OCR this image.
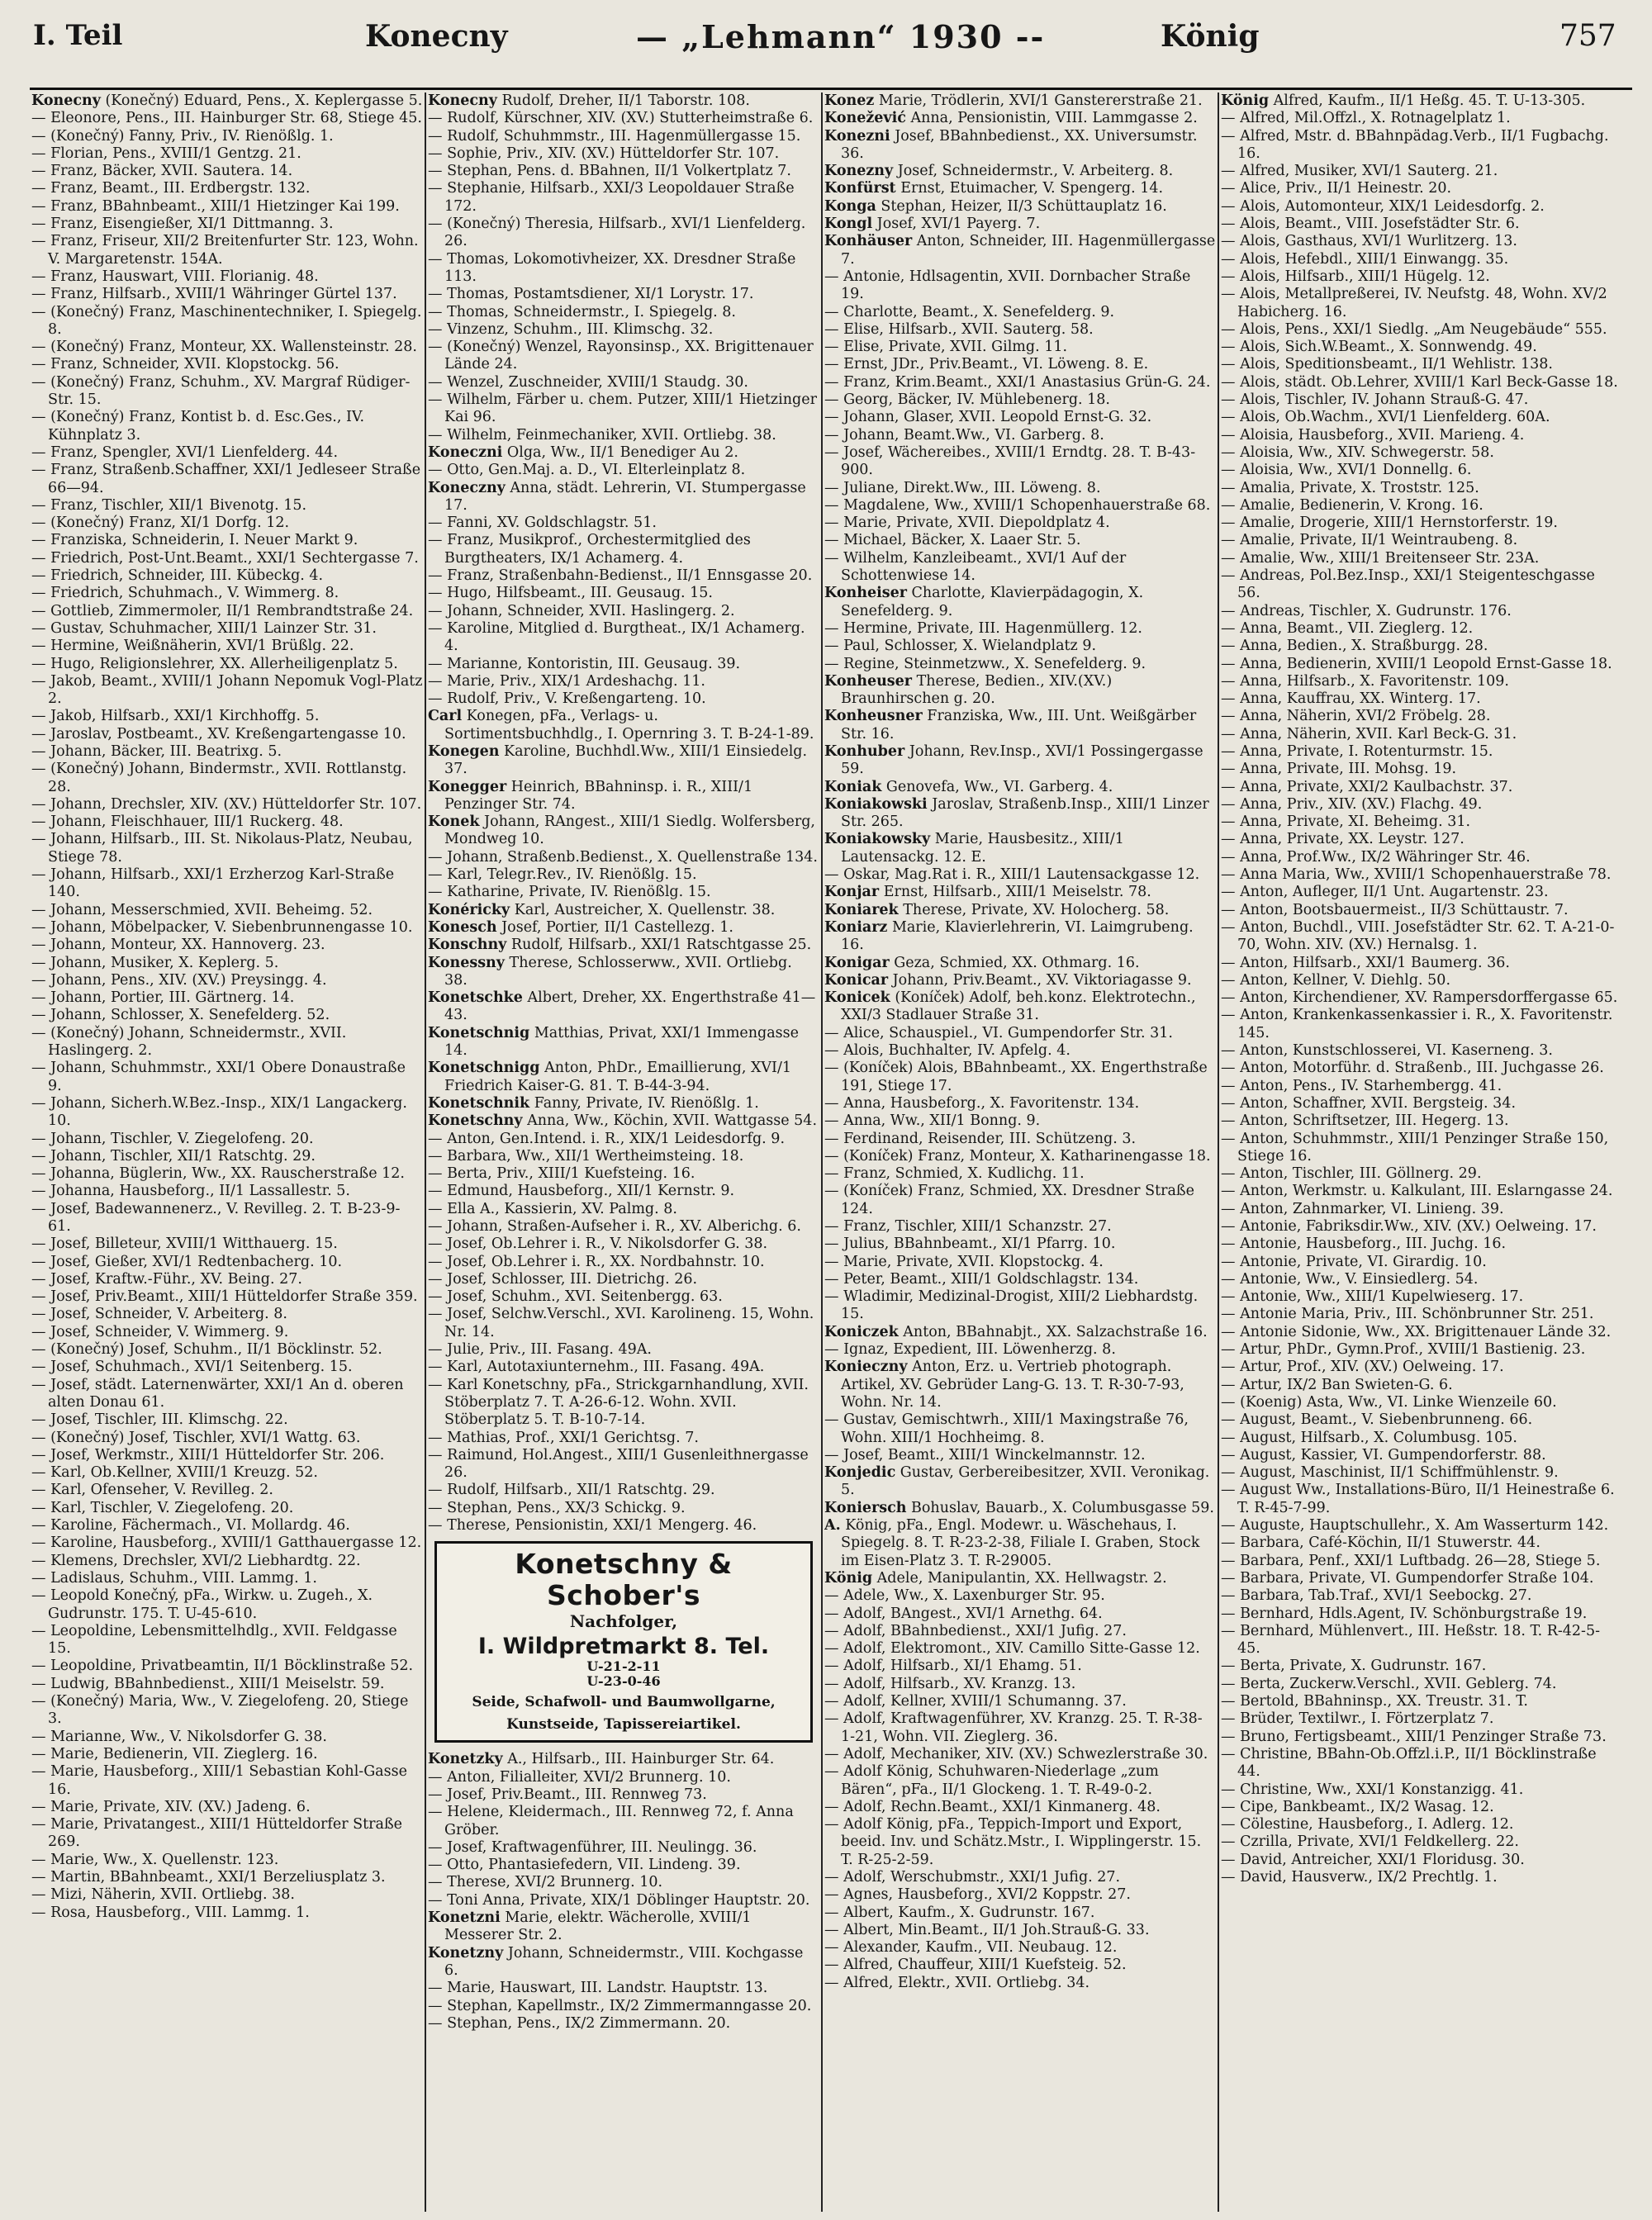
I. Teil	Konecny	— „Lehmann“ 1930 --	König	757
Konecny (Konečný) Eduard, Pens., X. Keplergasse 5.
— Eleonore, Pens., III. Hainburger Str. 68, Stiege 45.
— (Konečný) Fanny, Priv., IV. Rienößlg. 1.
— Florian, Pens., XVIII/1 Gentzg. 21.
— Franz, Bäcker, XVII. Sautera. 14.
— Franz, Beamt., III. Erdbergstr. 132.
— Franz, BBahnbeamt., XIII/1 Hietzinger Kai 199.
— Franz, Eisengießer, XI/1 Dittmanng. 3.
— Franz, Friseur, XII/2 Breitenfurter Str. 123, Wohn. V. Margaretenstr. 154A.
— Franz, Hauswart, VIII. Florianig. 48.
— Franz, Hilfsarb., XVIII/1 Währinger Gürtel 137.
— (Konečný) Franz, Maschinentechniker, I. Spiegelg. 8.
— (Konečný) Franz, Monteur, XX. Wallensteinstr. 28.
— Franz, Schneider, XVII. Klopstockg. 56.
— (Konečný) Franz, Schuhm., XV. Margraf Rüdiger-Str. 15.
— (Konečný) Franz, Kontist b. d. Esc.Ges., IV. Kühnplatz 3.
— Franz, Spengler, XVI/1 Lienfelderg. 44.
— Franz, Straßenb.Schaffner, XXI/1 Jedleseer Straße 66—94.
— Franz, Tischler, XII/1 Bivenotg. 15.
— (Konečný) Franz, XI/1 Dorfg. 12.
— Franziska, Schneiderin, I. Neuer Markt 9.
— Friedrich, Post-Unt.Beamt., XXI/1 Sechtergasse 7.
— Friedrich, Schneider, III. Kübeckg. 4.
— Friedrich, Schuhmach., V. Wimmerg. 8.
— Gottlieb, Zimmermoler, II/1 Rembrandtstraße 24.
— Gustav, Schuhmacher, XIII/1 Lainzer Str. 31.
— Hermine, Weißnäherin, XVI/1 Brüßlg. 22.
— Hugo, Religionslehrer, XX. Allerheiligenplatz 5.
— Jakob, Beamt., XVIII/1 Johann Nepomuk Vogl-Platz 2.
— Jakob, Hilfsarb., XXI/1 Kirchhoffg. 5.
— Jaroslav, Postbeamt., XV. Kreßengartengasse 10.
— Johann, Bäcker, III. Beatrixg. 5.
— (Konečný) Johann, Bindermstr., XVII. Rottlanstg. 28.
— Johann, Drechsler, XIV. (XV.) Hütteldorfer Str. 107.
— Johann, Fleischhauer, III/1 Ruckerg. 48.
— Johann, Hilfsarb., III. St. Nikolaus-Platz, Neubau, Stiege 78.
— Johann, Hilfsarb., XXI/1 Erzherzog Karl-Straße 140.
— Johann, Messerschmied, XVII. Beheimg. 52.
— Johann, Möbelpacker, V. Siebenbrunnengasse 10.
— Johann, Monteur, XX. Hannoverg. 23.
— Johann, Musiker, X. Keplerg. 5.
— Johann, Pens., XIV. (XV.) Preysingg. 4.
— Johann, Portier, III. Gärtnerg. 14.
— Johann, Schlosser, X. Senefelderg. 52.
— (Konečný) Johann, Schneidermstr., XVII. Haslingerg. 2.
— Johann, Schuhmmstr., XXI/1 Obere Donaustraße 9.
— Johann, Sicherh.W.Bez.-Insp., XIX/1 Langackerg. 10.
— Johann, Tischler, V. Ziegelofeng. 20.
— Johann, Tischler, XII/1 Ratschtg. 29.
— Johanna, Büglerin, Ww., XX. Rauscherstraße 12.
— Johanna, Hausbeforg., II/1 Lassallestr. 5.
— Josef, Badewannenerz., V. Revilleg. 2. T. B-23-9-61.
— Josef, Billeteur, XVIII/1 Witthauerg. 15.
— Josef, Gießer, XVI/1 Redtenbacherg. 10.
— Josef, Kraftw.-Führ., XV. Being. 27.
— Josef, Priv.Beamt., XIII/1 Hütteldorfer Straße 359.
— Josef, Schneider, V. Arbeiterg. 8.
— Josef, Schneider, V. Wimmerg. 9.
— (Konečný) Josef, Schuhm., II/1 Böcklinstr. 52.
— Josef, Schuhmach., XVI/1 Seitenberg. 15.
— Josef, städt. Laternenwärter, XXI/1 An d. oberen alten Donau 61.
— Josef, Tischler, III. Klimschg. 22.
— (Konečný) Josef, Tischler, XVI/1 Wattg. 63.
— Josef, Werkmstr., XIII/1 Hütteldorfer Str. 206.
— Karl, Ob.Kellner, XVIII/1 Kreuzg. 52.
— Karl, Ofenseher, V. Revilleg. 2.
— Karl, Tischler, V. Ziegelofeng. 20.
— Karoline, Fächermach., VI. Mollardg. 46.
— Karoline, Hausbeforg., XVIII/1 Gatthauergasse 12.
— Klemens, Drechsler, XVI/2 Liebhardtg. 22.
— Ladislaus, Schuhm., VIII. Lammg. 1.
— Leopold Konečný, pFa., Wirkw. u. Zugeh., X. Gudrunstr. 175. T. U-45-610.
— Leopoldine, Lebensmittelhdlg., XVII. Feldgasse 15.
— Leopoldine, Privatbeamtin, II/1 Böcklinstraße 52.
— Ludwig, BBahnbedienst., XIII/1 Meiselstr. 59.
— (Konečný) Maria, Ww., V. Ziegelofeng. 20, Stiege 3.
— Marianne, Ww., V. Nikolsdorfer G. 38.
— Marie, Bedienerin, VII. Zieglerg. 16.
— Marie, Hausbeforg., XIII/1 Sebastian Kohl-Gasse 16.
— Marie, Private, XIV. (XV.) Jadeng. 6.
— Marie, Privatangest., XIII/1 Hütteldorfer Straße 269.
— Marie, Ww., X. Quellenstr. 123.
— Martin, BBahnbeamt., XXI/1 Berzeliusplatz 3.
— Mizi, Näherin, XVII. Ortliebg. 38.
— Rosa, Hausbeforg., VIII. Lammg. 1.
Konecny Rudolf, Dreher, II/1 Taborstr. 108.
— Rudolf, Kürschner, XIV. (XV.) Stutterheimstraße 6.
— Rudolf, Schuhmmstr., III. Hagenmüllergasse 15.
— Sophie, Priv., XIV. (XV.) Hütteldorfer Str. 107.
— Stephan, Pens. d. BBahnen, II/1 Volkertplatz 7.
— Stephanie, Hilfsarb., XXI/3 Leopoldauer Straße 172.
— (Konečný) Theresia, Hilfsarb., XVI/1 Lienfelderg. 26.
— Thomas, Lokomotivheizer, XX. Dresdner Straße 113.
— Thomas, Postamtsdiener, XI/1 Lorystr. 17.
— Thomas, Schneidermstr., I. Spiegelg. 8.
— Vinzenz, Schuhm., III. Klimschg. 32.
— (Konečný) Wenzel, Rayonsinsp., XX. Brigittenauer Lände 24.
— Wenzel, Zuschneider, XVIII/1 Staudg. 30.
— Wilhelm, Färber u. chem. Putzer, XIII/1 Hietzinger Kai 96.
— Wilhelm, Feinmechaniker, XVII. Ortliebg. 38.
Koneczni Olga, Ww., II/1 Benediger Au 2.
— Otto, Gen.Maj. a. D., VI. Elterleinplatz 8.
Koneczny Anna, städt. Lehrerin, VI. Stumpergasse 17.
— Fanni, XV. Goldschlagstr. 51.
— Franz, Musikprof., Orchestermitglied des Burgtheaters, IX/1 Achamerg. 4.
— Franz, Straßenbahn-Bedienst., II/1 Ennsgasse 20.
— Hugo, Hilfsbeamt., III. Geusaug. 15.
— Johann, Schneider, XVII. Haslingerg. 2.
— Karoline, Mitglied d. Burgtheat., IX/1 Achamerg. 4.
— Marianne, Kontoristin, III. Geusaug. 39.
— Marie, Priv., XIX/1 Ardeshachg. 11.
— Rudolf, Priv., V. Kreßengarteng. 10.
Carl Konegen, pFa., Verlags- u. Sortimentsbuchhdlg., I. Opernring 3. T. B-24-1-89.
Konegen Karoline, Buchhdl.Ww., XIII/1 Einsiedelg. 37.
Konegger Heinrich, BBahninsp. i. R., XIII/1 Penzinger Str. 74.
Konek Johann, RAngest., XIII/1 Siedlg. Wolfersberg, Mondweg 10.
— Johann, Straßenb.Bedienst., X. Quellenstraße 134.
— Karl, Telegr.Rev., IV. Rienößlg. 15.
— Katharine, Private, IV. Rienößlg. 15.
Konéricky Karl, Austreicher, X. Quellenstr. 38.
Konesch Josef, Portier, II/1 Castellezg. 1.
Konschny Rudolf, Hilfsarb., XXI/1 Ratschtgasse 25.
Konessny Therese, Schlosserww., XVII. Ortliebg. 38.
Konetschke Albert, Dreher, XX. Engerthstraße 41—43.
Konetschnig Matthias, Privat, XXI/1 Immengasse 14.
Konetschnigg Anton, PhDr., Emaillierung, XVI/1 Friedrich Kaiser-G. 81. T. B-44-3-94.
Konetschnik Fanny, Private, IV. Rienößlg. 1.
Konetschny Anna, Ww., Köchin, XVII. Wattgasse 54.
— Anton, Gen.Intend. i. R., XIX/1 Leidesdorfg. 9.
— Barbara, Ww., XII/1 Wertheimsteing. 18.
— Berta, Priv., XIII/1 Kuefsteing. 16.
— Edmund, Hausbeforg., XII/1 Kernstr. 9.
— Ella A., Kassierin, XV. Palmg. 8.
— Johann, Straßen-Aufseher i. R., XV. Alberichg. 6.
— Josef, Ob.Lehrer i. R., V. Nikolsdorfer G. 38.
— Josef, Ob.Lehrer i. R., XX. Nordbahnstr. 10.
— Josef, Schlosser, III. Dietrichg. 26.
— Josef, Schuhm., XVI. Seitenbergg. 63.
— Josef, Selchw.Verschl., XVI. Karolineng. 15, Wohn. Nr. 14.
— Julie, Priv., III. Fasang. 49A.
— Karl, Autotaxiunternehm., III. Fasang. 49A.
— Karl Konetschny, pFa., Strickgarnhandlung, XVII. Stöberplatz 7. T. A-26-6-12. Wohn. XVII. Stöberplatz 5. T. B-10-7-14.
— Mathias, Prof., XXI/1 Gerichtsg. 7.
— Raimund, Hol.Angest., XIII/1 Gusenleithnergasse 26.
— Rudolf, Hilfsarb., XII/1 Ratschtg. 29.
— Stephan, Pens., XX/3 Schickg. 9.
— Therese, Pensionistin, XXI/1 Mengerg. 46.
Konetschny & Schober's
Nachfolger,
I. Wildpretmarkt 8. Tel.
U-21-2-11
U-23-0-46
Seide, Schafwoll- und Baumwollgarne,
Kunstseide, Tapissereiartikel.
Konetzky A., Hilfsarb., III. Hainburger Str. 64.
— Anton, Filialleiter, XVI/2 Brunnerg. 10.
— Josef, Priv.Beamt., III. Rennweg 73.
— Helene, Kleidermach., III. Rennweg 72, f. Anna Gröber.
— Josef, Kraftwagenführer, III. Neulingg. 36.
— Otto, Phantasiefedern, VII. Lindeng. 39.
— Therese, XVI/2 Brunnerg. 10.
— Toni Anna, Private, XIX/1 Döblinger Hauptstr. 20.
Konetzni Marie, elektr. Wächerolle, XVIII/1 Messerer Str. 2.
Konetzny Johann, Schneidermstr., VIII. Kochgasse 6.
— Marie, Hauswart, III. Landstr. Hauptstr. 13.
— Stephan, Kapellmstr., IX/2 Zimmermanngasse 20.
— Stephan, Pens., IX/2 Zimmermann. 20.
Konez Marie, Trödlerin, XVI/1 Ganstererstraße 21.
Konežević Anna, Pensionistin, VIII. Lammgasse 2.
Konezni Josef, BBahnbedienst., XX. Universumstr. 36.
Konezny Josef, Schneidermstr., V. Arbeiterg. 8.
Konfürst Ernst, Etuimacher, V. Spengerg. 14.
Konga Stephan, Heizer, II/3 Schüttauplatz 16.
Kongl Josef, XVI/1 Payerg. 7.
Konhäuser Anton, Schneider, III. Hagenmüllergasse 7.
— Antonie, Hdlsagentin, XVII. Dornbacher Straße 19.
— Charlotte, Beamt., X. Senefelderg. 9.
— Elise, Hilfsarb., XVII. Sauterg. 58.
— Elise, Private, XVII. Gilmg. 11.
— Ernst, JDr., Priv.Beamt., VI. Löweng. 8. E.
— Franz, Krim.Beamt., XXI/1 Anastasius Grün-G. 24.
— Georg, Bäcker, IV. Mühlebenerg. 18.
— Johann, Glaser, XVII. Leopold Ernst-G. 32.
— Johann, Beamt.Ww., VI. Garberg. 8.
— Josef, Wächereibes., XVIII/1 Erndtg. 28. T. B-43-900.
— Juliane, Direkt.Ww., III. Löweng. 8.
— Magdalene, Ww., XVIII/1 Schopenhauerstraße 68.
— Marie, Private, XVII. Diepoldplatz 4.
— Michael, Bäcker, X. Laaer Str. 5.
— Wilhelm, Kanzleibeamt., XVI/1 Auf der Schottenwiese 14.
Konheiser Charlotte, Klavierpädagogin, X. Senefelderg. 9.
— Hermine, Private, III. Hagenmüllerg. 12.
— Paul, Schlosser, X. Wielandplatz 9.
— Regine, Steinmetzww., X. Senefelderg. 9.
Konheuser Therese, Bedien., XIV.(XV.) Braunhirschen g. 20.
Konheusner Franziska, Ww., III. Unt. Weißgärber Str. 16.
Konhuber Johann, Rev.Insp., XVI/1 Possingergasse 59.
Koniak Genovefa, Ww., VI. Garberg. 4.
Koniakowski Jaroslav, Straßenb.Insp., XIII/1 Linzer Str. 265.
Koniakowsky Marie, Hausbesitz., XIII/1 Lautensackg. 12. E.
— Oskar, Mag.Rat i. R., XIII/1 Lautensackgasse 12.
Konjar Ernst, Hilfsarb., XIII/1 Meiselstr. 78.
Koniarek Therese, Private, XV. Holocherg. 58.
Koniarz Marie, Klavierlehrerin, VI. Laimgrubeng. 16.
Konigar Geza, Schmied, XX. Othmarg. 16.
Konicar Johann, Priv.Beamt., XV. Viktoriagasse 9.
Konicek (Koníček) Adolf, beh.konz. Elektrotechn., XXI/3 Stadlauer Straße 31.
— Alice, Schauspiel., VI. Gumpendorfer Str. 31.
— Alois, Buchhalter, IV. Apfelg. 4.
— (Koníček) Alois, BBahnbeamt., XX. Engerthstraße 191, Stiege 17.
— Anna, Hausbeforg., X. Favoritenstr. 134.
— Anna, Ww., XII/1 Bonng. 9.
— Ferdinand, Reisender, III. Schützeng. 3.
— (Koníček) Franz, Monteur, X. Katharinengasse 18.
— Franz, Schmied, X. Kudlichg. 11.
— (Koníček) Franz, Schmied, XX. Dresdner Straße 124.
— Franz, Tischler, XIII/1 Schanzstr. 27.
— Julius, BBahnbeamt., XI/1 Pfarrg. 10.
— Marie, Private, XVII. Klopstockg. 4.
— Peter, Beamt., XIII/1 Goldschlagstr. 134.
— Wladimir, Medizinal-Drogist, XIII/2 Liebhardstg. 15.
Koniczek Anton, BBahnabjt., XX. Salzachstraße 16.
— Ignaz, Expedient, III. Löwenherzg. 8.
Konieczny Anton, Erz. u. Vertrieb photograph. Artikel, XV. Gebrüder Lang-G. 13. T. R-30-7-93, Wohn. Nr. 14.
— Gustav, Gemischtwrh., XIII/1 Maxingstraße 76, Wohn. XIII/1 Hochheimg. 8.
— Josef, Beamt., XIII/1 Winckelmannstr. 12.
Konjedic Gustav, Gerbereibesitzer, XVII. Veronikag. 5.
Koniersch Bohuslav, Bauarb., X. Columbusgasse 59.
A. König, pFa., Engl. Modewr. u. Wäschehaus, I. Spiegelg. 8. T. R-23-2-38, Filiale I. Graben, Stock im Eisen-Platz 3. T. R-29005.
König Adele, Manipulantin, XX. Hellwagstr. 2.
— Adele, Ww., X. Laxenburger Str. 95.
— Adolf, BAngest., XVI/1 Arnethg. 64.
— Adolf, BBahnbedienst., XXI/1 Jufig. 27.
— Adolf, Elektromont., XIV. Camillo Sitte-Gasse 12.
— Adolf, Hilfsarb., XI/1 Ehamg. 51.
— Adolf, Hilfsarb., XV. Kranzg. 13.
— Adolf, Kellner, XVIII/1 Schumanng. 37.
— Adolf, Kraftwagenführer, XV. Kranzg. 25. T. R-38-1-21, Wohn. VII. Zieglerg. 36.
— Adolf, Mechaniker, XIV. (XV.) Schwezlerstraße 30.
— Adolf König, Schuhwaren-Niederlage „zum Bären“, pFa., II/1 Glockeng. 1. T. R-49-0-2.
— Adolf, Rechn.Beamt., XXI/1 Kinmanerg. 48.
— Adolf König, pFa., Teppich-Import und Export, beeid. Inv. und Schätz.Mstr., I. Wipplingerstr. 15. T. R-25-2-59.
— Adolf, Werschubmstr., XXI/1 Jufig. 27.
— Agnes, Hausbeforg., XVI/2 Koppstr. 27.
— Albert, Kaufm., X. Gudrunstr. 167.
— Albert, Min.Beamt., II/1 Joh.Strauß-G. 33.
— Alexander, Kaufm., VII. Neubaug. 12.
— Alfred, Chauffeur, XIII/1 Kuefsteig. 52.
— Alfred, Elektr., XVII. Ortliebg. 34.
König Alfred, Kaufm., II/1 Heßg. 45. T. U-13-305.
— Alfred, Mil.Offzl., X. Rotnagelplatz 1.
— Alfred, Mstr. d. BBahnpädag.Verb., II/1 Fugbachg. 16.
— Alfred, Musiker, XVI/1 Sauterg. 21.
— Alice, Priv., II/1 Heinestr. 20.
— Alois, Automonteur, XIX/1 Leidesdorfg. 2.
— Alois, Beamt., VIII. Josefstädter Str. 6.
— Alois, Gasthaus, XVI/1 Wurlitzerg. 13.
— Alois, Hefebdl., XIII/1 Einwangg. 35.
— Alois, Hilfsarb., XIII/1 Hügelg. 12.
— Alois, Metallpreßerei, IV. Neufstg. 48, Wohn. XV/2 Habicherg. 16.
— Alois, Pens., XXI/1 Siedlg. „Am Neugebäude“ 555.
— Alois, Sich.W.Beamt., X. Sonnwendg. 49.
— Alois, Speditionsbeamt., II/1 Wehlistr. 138.
— Alois, städt. Ob.Lehrer, XVIII/1 Karl Beck-Gasse 18.
— Alois, Tischler, IV. Johann Strauß-G. 47.
— Alois, Ob.Wachm., XVI/1 Lienfelderg. 60A.
— Aloisia, Hausbeforg., XVII. Marieng. 4.
— Aloisia, Ww., XIV. Schwegerstr. 58.
— Aloisia, Ww., XVI/1 Donnellg. 6.
— Amalia, Private, X. Troststr. 125.
— Amalie, Bedienerin, V. Krong. 16.
— Amalie, Drogerie, XIII/1 Hernstorferstr. 19.
— Amalie, Private, II/1 Weintraubeng. 8.
— Amalie, Ww., XIII/1 Breitenseer Str. 23A.
— Andreas, Pol.Bez.Insp., XXI/1 Steigenteschgasse 56.
— Andreas, Tischler, X. Gudrunstr. 176.
— Anna, Beamt., VII. Zieglerg. 12.
— Anna, Bedien., X. Straßburgg. 28.
— Anna, Bedienerin, XVIII/1 Leopold Ernst-Gasse 18.
— Anna, Hilfsarb., X. Favoritenstr. 109.
— Anna, Kauffrau, XX. Winterg. 17.
— Anna, Näherin, XVI/2 Fröbelg. 28.
— Anna, Näherin, XVII. Karl Beck-G. 31.
— Anna, Private, I. Rotenturmstr. 15.
— Anna, Private, III. Mohsg. 19.
— Anna, Private, XXI/2 Kaulbachstr. 37.
— Anna, Priv., XIV. (XV.) Flachg. 49.
— Anna, Private, XI. Beheimg. 31.
— Anna, Private, XX. Leystr. 127.
— Anna, Prof.Ww., IX/2 Währinger Str. 46.
— Anna Maria, Ww., XVIII/1 Schopenhauerstraße 78.
— Anton, Aufleger, II/1 Unt. Augartenstr. 23.
— Anton, Bootsbauermeist., II/3 Schüttaustr. 7.
— Anton, Buchdl., VIII. Josefstädter Str. 62. T. A-21-0-70, Wohn. XIV. (XV.) Hernalsg. 1.
— Anton, Hilfsarb., XXI/1 Baumerg. 36.
— Anton, Kellner, V. Diehlg. 50.
— Anton, Kirchendiener, XV. Rampersdorffergasse 65.
— Anton, Krankenkassenkassier i. R., X. Favoritenstr. 145.
— Anton, Kunstschlosserei, VI. Kaserneng. 3.
— Anton, Motorführ. d. Straßenb., III. Juchgasse 26.
— Anton, Pens., IV. Starhembergg. 41.
— Anton, Schaffner, XVII. Bergsteig. 34.
— Anton, Schriftsetzer, III. Hegerg. 13.
— Anton, Schuhmmstr., XIII/1 Penzinger Straße 150, Stiege 16.
— Anton, Tischler, III. Göllnerg. 29.
— Anton, Werkmstr. u. Kalkulant, III. Eslarngasse 24.
— Anton, Zahnmarker, VI. Linieng. 39.
— Antonie, Fabriksdir.Ww., XIV. (XV.) Oelweing. 17.
— Antonie, Hausbeforg., III. Juchg. 16.
— Antonie, Private, VI. Girardig. 10.
— Antonie, Ww., V. Einsiedlerg. 54.
— Antonie, Ww., XIII/1 Kupelwieserg. 17.
— Antonie Maria, Priv., III. Schönbrunner Str. 251.
— Antonie Sidonie, Ww., XX. Brigittenauer Lände 32.
— Artur, PhDr., Gymn.Prof., XVIII/1 Bastienig. 23.
— Artur, Prof., XIV. (XV.) Oelweing. 17.
— Artur, IX/2 Ban Swieten-G. 6.
— (Koenig) Asta, Ww., VI. Linke Wienzeile 60.
— August, Beamt., V. Siebenbrunneng. 66.
— August, Hilfsarb., X. Columbusg. 105.
— August, Kassier, VI. Gumpendorferstr. 88.
— August, Maschinist, II/1 Schiffmühlenstr. 9.
— August Ww., Installations-Büro, II/1 Heinestraße 6. T. R-45-7-99.
— Auguste, Hauptschullehr., X. Am Wasserturm 142.
— Barbara, Café-Köchin, II/1 Stuwerstr. 44.
— Barbara, Penf., XXI/1 Luftbadg. 26—28, Stiege 5.
— Barbara, Private, VI. Gumpendorfer Straße 104.
— Barbara, Tab.Traf., XVI/1 Seebockg. 27.
— Bernhard, Hdls.Agent, IV. Schönburgstraße 19.
— Bernhard, Mühlenvert., III. Heßstr. 18. T. R-42-5-45.
— Berta, Private, X. Gudrunstr. 167.
— Berta, Zuckerw.Verschl., XVII. Geblerg. 74.
— Bertold, BBahninsp., XX. Treustr. 31. T.
— Brüder, Textilwr., I. Förtzerplatz 7.
— Bruno, Fertigsbeamt., XIII/1 Penzinger Straße 73.
— Christine, BBahn-Ob.Offzl.i.P., II/1 Böcklinstraße 44.
— Christine, Ww., XXI/1 Konstanzigg. 41.
— Cipe, Bankbeamt., IX/2 Wasag. 12.
— Cölestine, Hausbeforg., I. Adlerg. 12.
— Czrilla, Private, XVI/1 Feldkellerg. 22.
— David, Antreicher, XXI/1 Floridusg. 30.
— David, Hausverw., IX/2 Prechtlg. 1.
